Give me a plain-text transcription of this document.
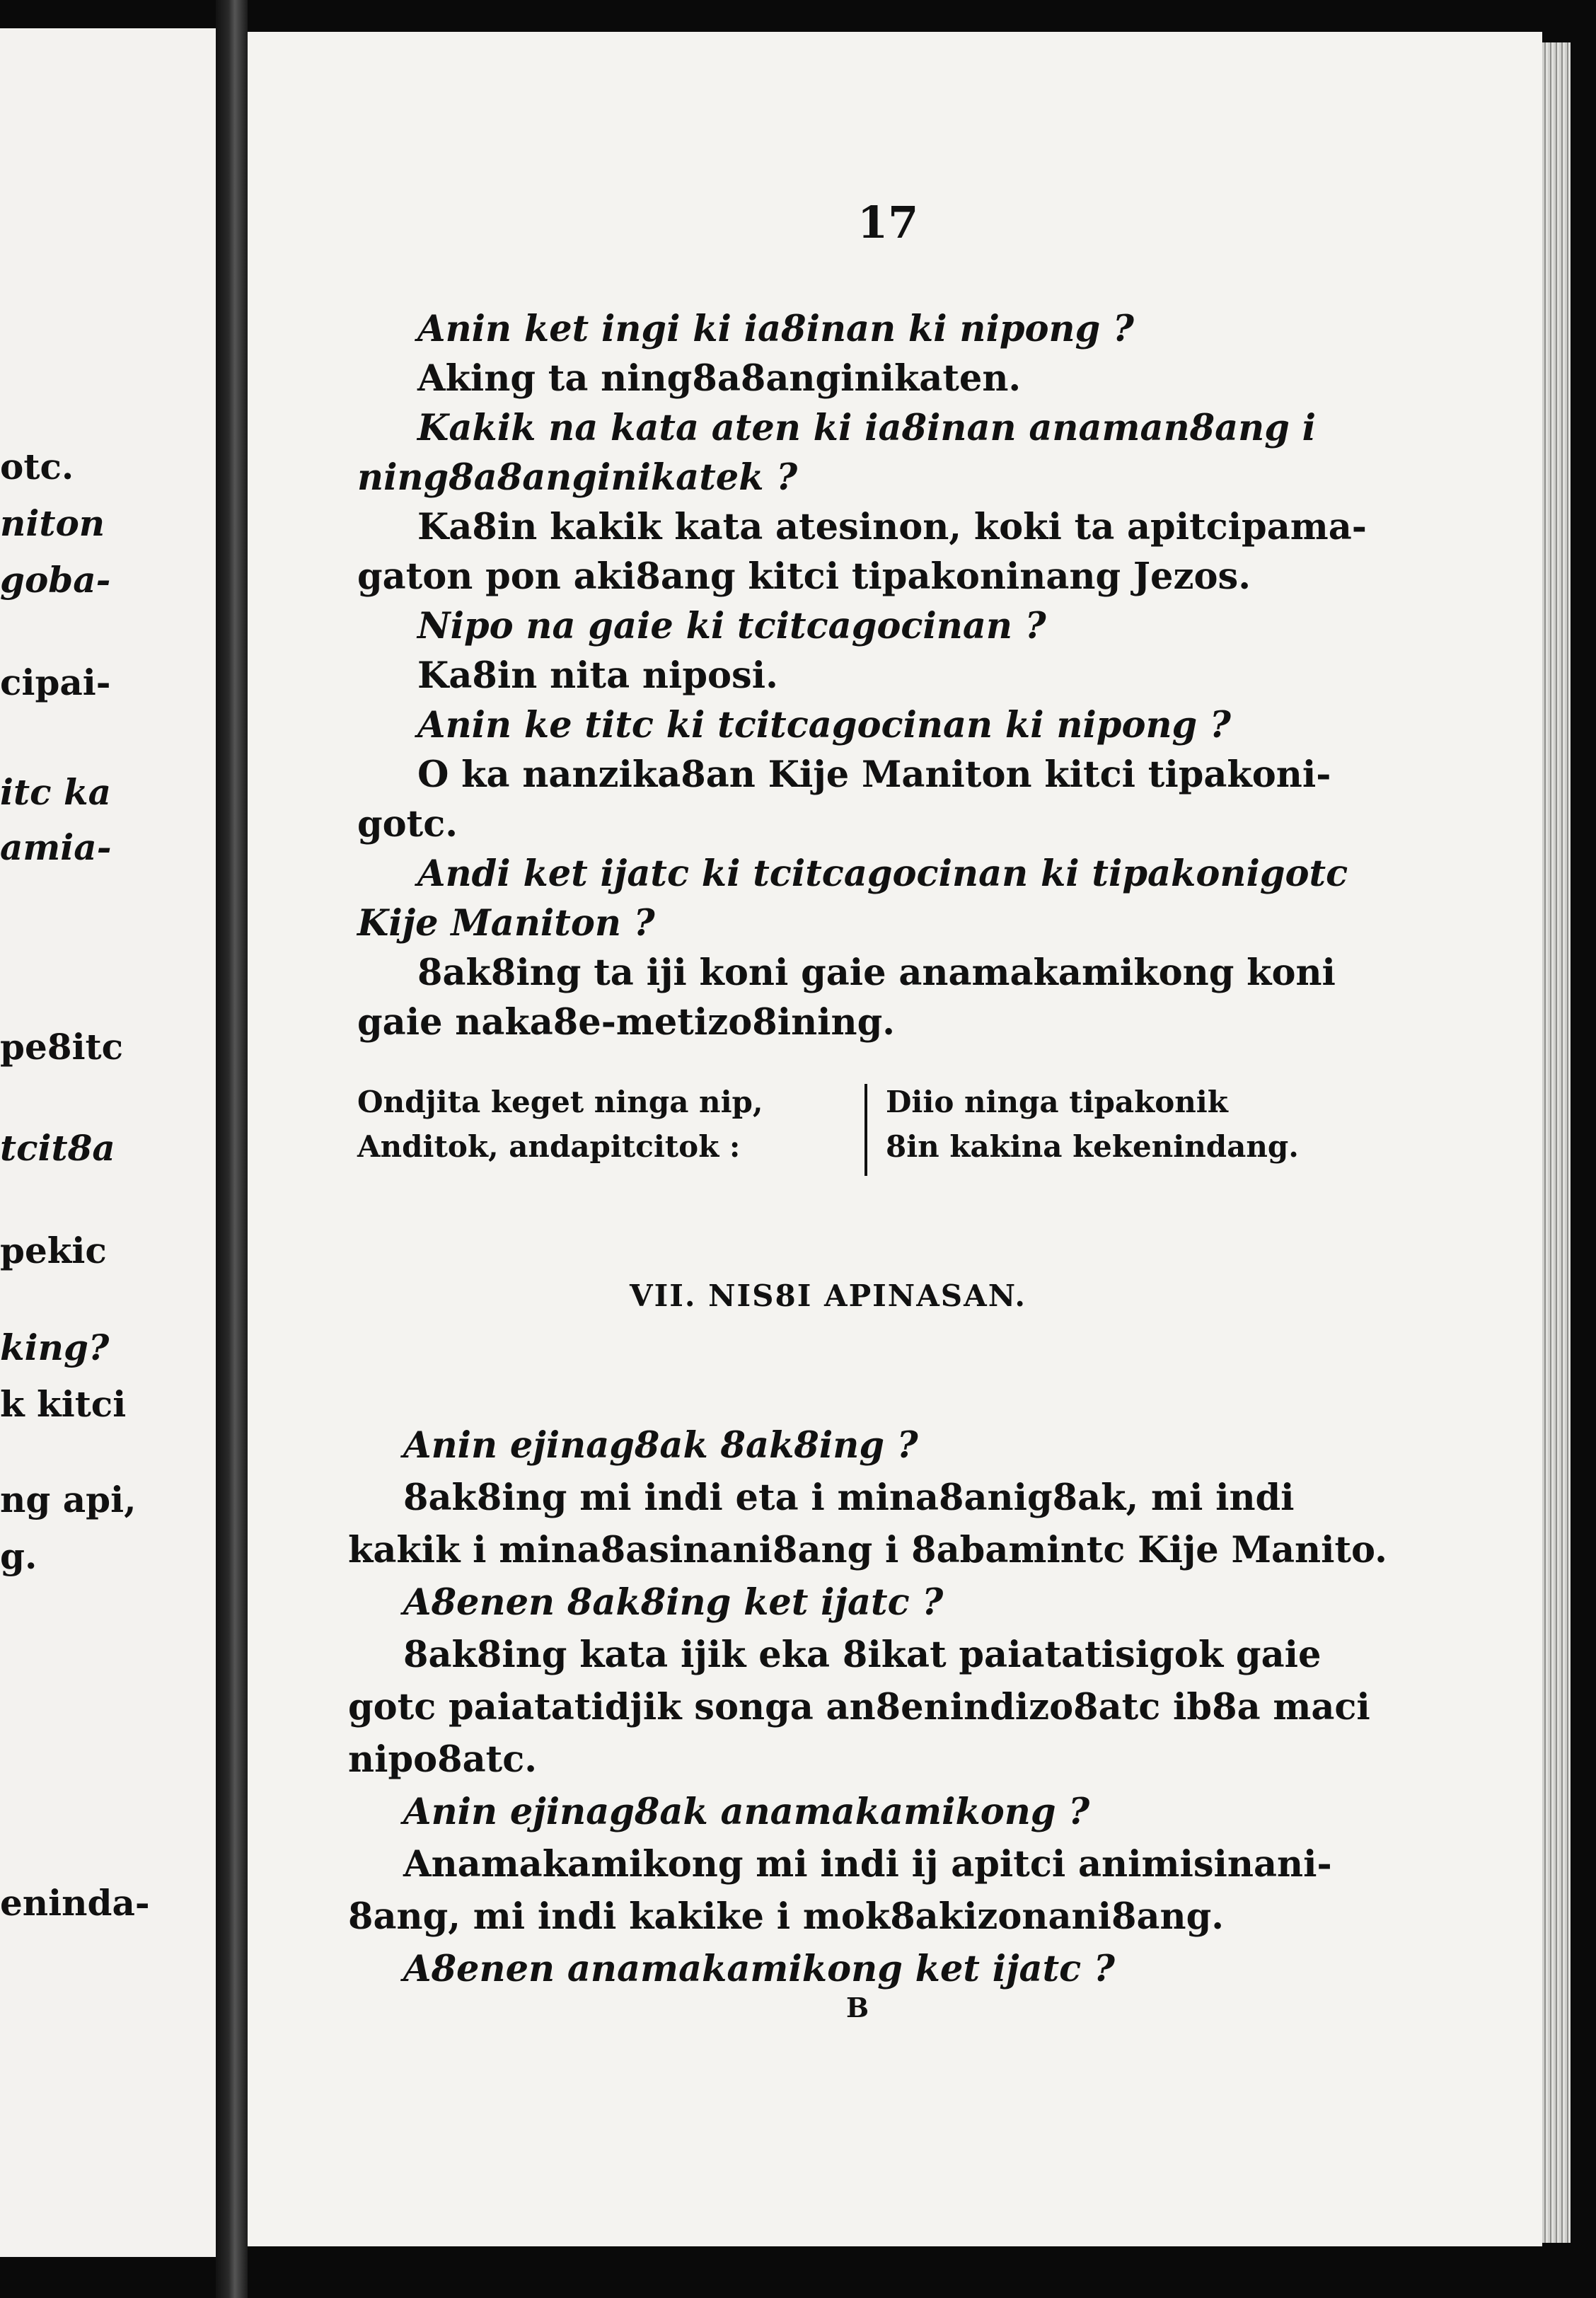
otc.
niton
goba-
cipai-
itc ka
amia-
pe8itc
tcit8a
pekic
king?
k kitci
ng api,
g.
eninda-
17
Anin ket ingi ki ia8inan ki nipong ?
Aking ta ning8a8anginikaten.
Kakik na kata aten ki ia8inan anaman8ang i
ning8a8anginikatek ?
Ka8in kakik kata atesinon, koki ta apitcipama-
gaton pon aki8ang kitci tipakoninang Jezos.
Nipo na gaie ki tcitcagocinan ?
Ka8in nita niposi.
Anin ke titc ki tcitcagocinan ki nipong ?
O ka nanzika8an Kije Maniton kitci tipakoni-
gotc.
Andi ket ijatc ki tcitcagocinan ki tipakonigotc
Kije Maniton ?
8ak8ing ta iji koni gaie anamakamikong koni
gaie naka8e-metizo8ining.
Ondjita keget ninga nip,
Anditok, andapitcitok :
Diio ninga tipakonik
8in kakina kekenindang.
VII. NIS8I APINASAN.
Anin ejinag8ak 8ak8ing ?
8ak8ing mi indi eta i mina8anig8ak, mi indi
kakik i mina8asinani8ang i 8abamintc Kije Manito.
A8enen 8ak8ing ket ijatc ?
8ak8ing kata ijik eka 8ikat paiatatisigok gaie
gotc paiatatidjik songa an8enindizo8atc ib8a maci
nipo8atc.
Anin ejinag8ak anamakamikong ?
Anamakamikong mi indi ij apitci animisinani-
8ang, mi indi kakike i mok8akizonani8ang.
A8enen anamakamikong ket ijatc ?
B
